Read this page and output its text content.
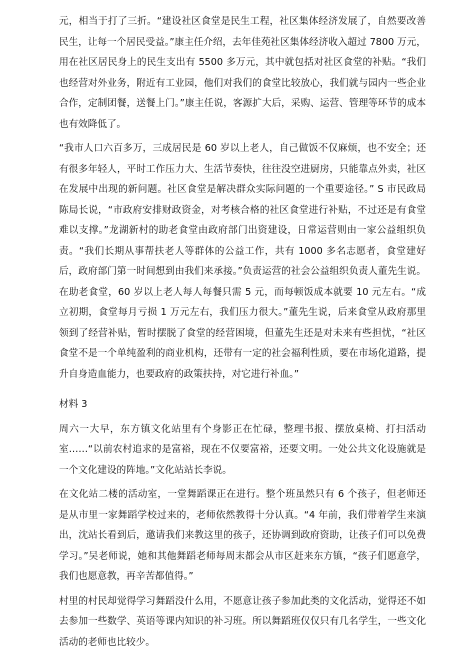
元，相当于打了三折。“建设社区食堂是民生工程，社区集体经济发展了，自然要改善民生，让每一个居民受益。”康主任介绍，去年佳苑社区集体经济收入超过 7800 万元，用在社区居民身上的民生支出有 5500 多万元，其中就包括对社区食堂的补贴。“我们也经营对外业务，附近有工业园，他们对我们的食堂比较放心，我们就与园内一些企业合作，定制团餐，送餐上门。”康主任说，客源扩大后，采购、运营、管理等环节的成本也有效降低了。

“我市人口六百多万，三成居民是 60 岁以上老人，自己做饭不仅麻烦，也不安全；还有很多年轻人，平时工作压力大、生活节奏快，往往没空进厨房，只能靠点外卖，社区在发展中出现的新问题。社区食堂是解决群众实际问题的一个重要途径。” S 市民政局陈局长说，“市政府安排财政资金，对考核合格的社区食堂进行补贴，不过还是有食堂难以支撑。”龙湖新村的助老食堂由政府部门出资建设，日常运营则由一家公益组织负责。“我们长期从事帮扶老人等群体的公益工作，共有 1000 多名志愿者，食堂建好后，政府部门第一时间想到由我们来承接。”负责运营的社会公益组织负责人董先生说。在助老食堂，60 岁以上老人每人每餐只需 5 元，而每顿饭成本就要 10 元左右。“成立初期，食堂每月亏损 1 万元左右，我们压力很大。”董先生说，后来食堂从政府那里领到了经营补贴，暂时摆脱了食堂的经营困境，但董先生还是对未来有些担忧，“社区食堂不是一个单纯盈利的商业机构，还带有一定的社会福利性质，要在市场化道路，提升自身造血能力，也要政府的政策扶持，对它进行补血。”

材料 3

周六一大早，东方镇文化站里有个身影正在忙碌，整理书报、摆放桌椅、打扫活动室……“以前农村追求的是富裕，现在不仅要富裕，还要文明。一处公共文化设施就是一个文化建设的阵地。”文化站站长李说。

在文化站二楼的活动室，一堂舞蹈课正在进行。整个班虽然只有 6 个孩子，但老师还是从市里一家舞蹈学校过来的，老师依然教得十分认真。“4 年前，我们带着学生来演出，沈站长看到后，邀请我们来教这里的孩子，还协调到政府资助，让孩子们可以免费学习。”吴老师说，她和其他舞蹈老师每周末都会从市区赶来东方镇，“孩子们愿意学，我们也愿意教，再辛苦都值得。”

村里的村民却觉得学习舞蹈没什么用，不愿意让孩子参加此类的文化活动，觉得还不如去参加一些数学、英语等课内知识的补习班。所以舞蹈班仅仅只有几名学生，一些文化活动的老师也比较少。
